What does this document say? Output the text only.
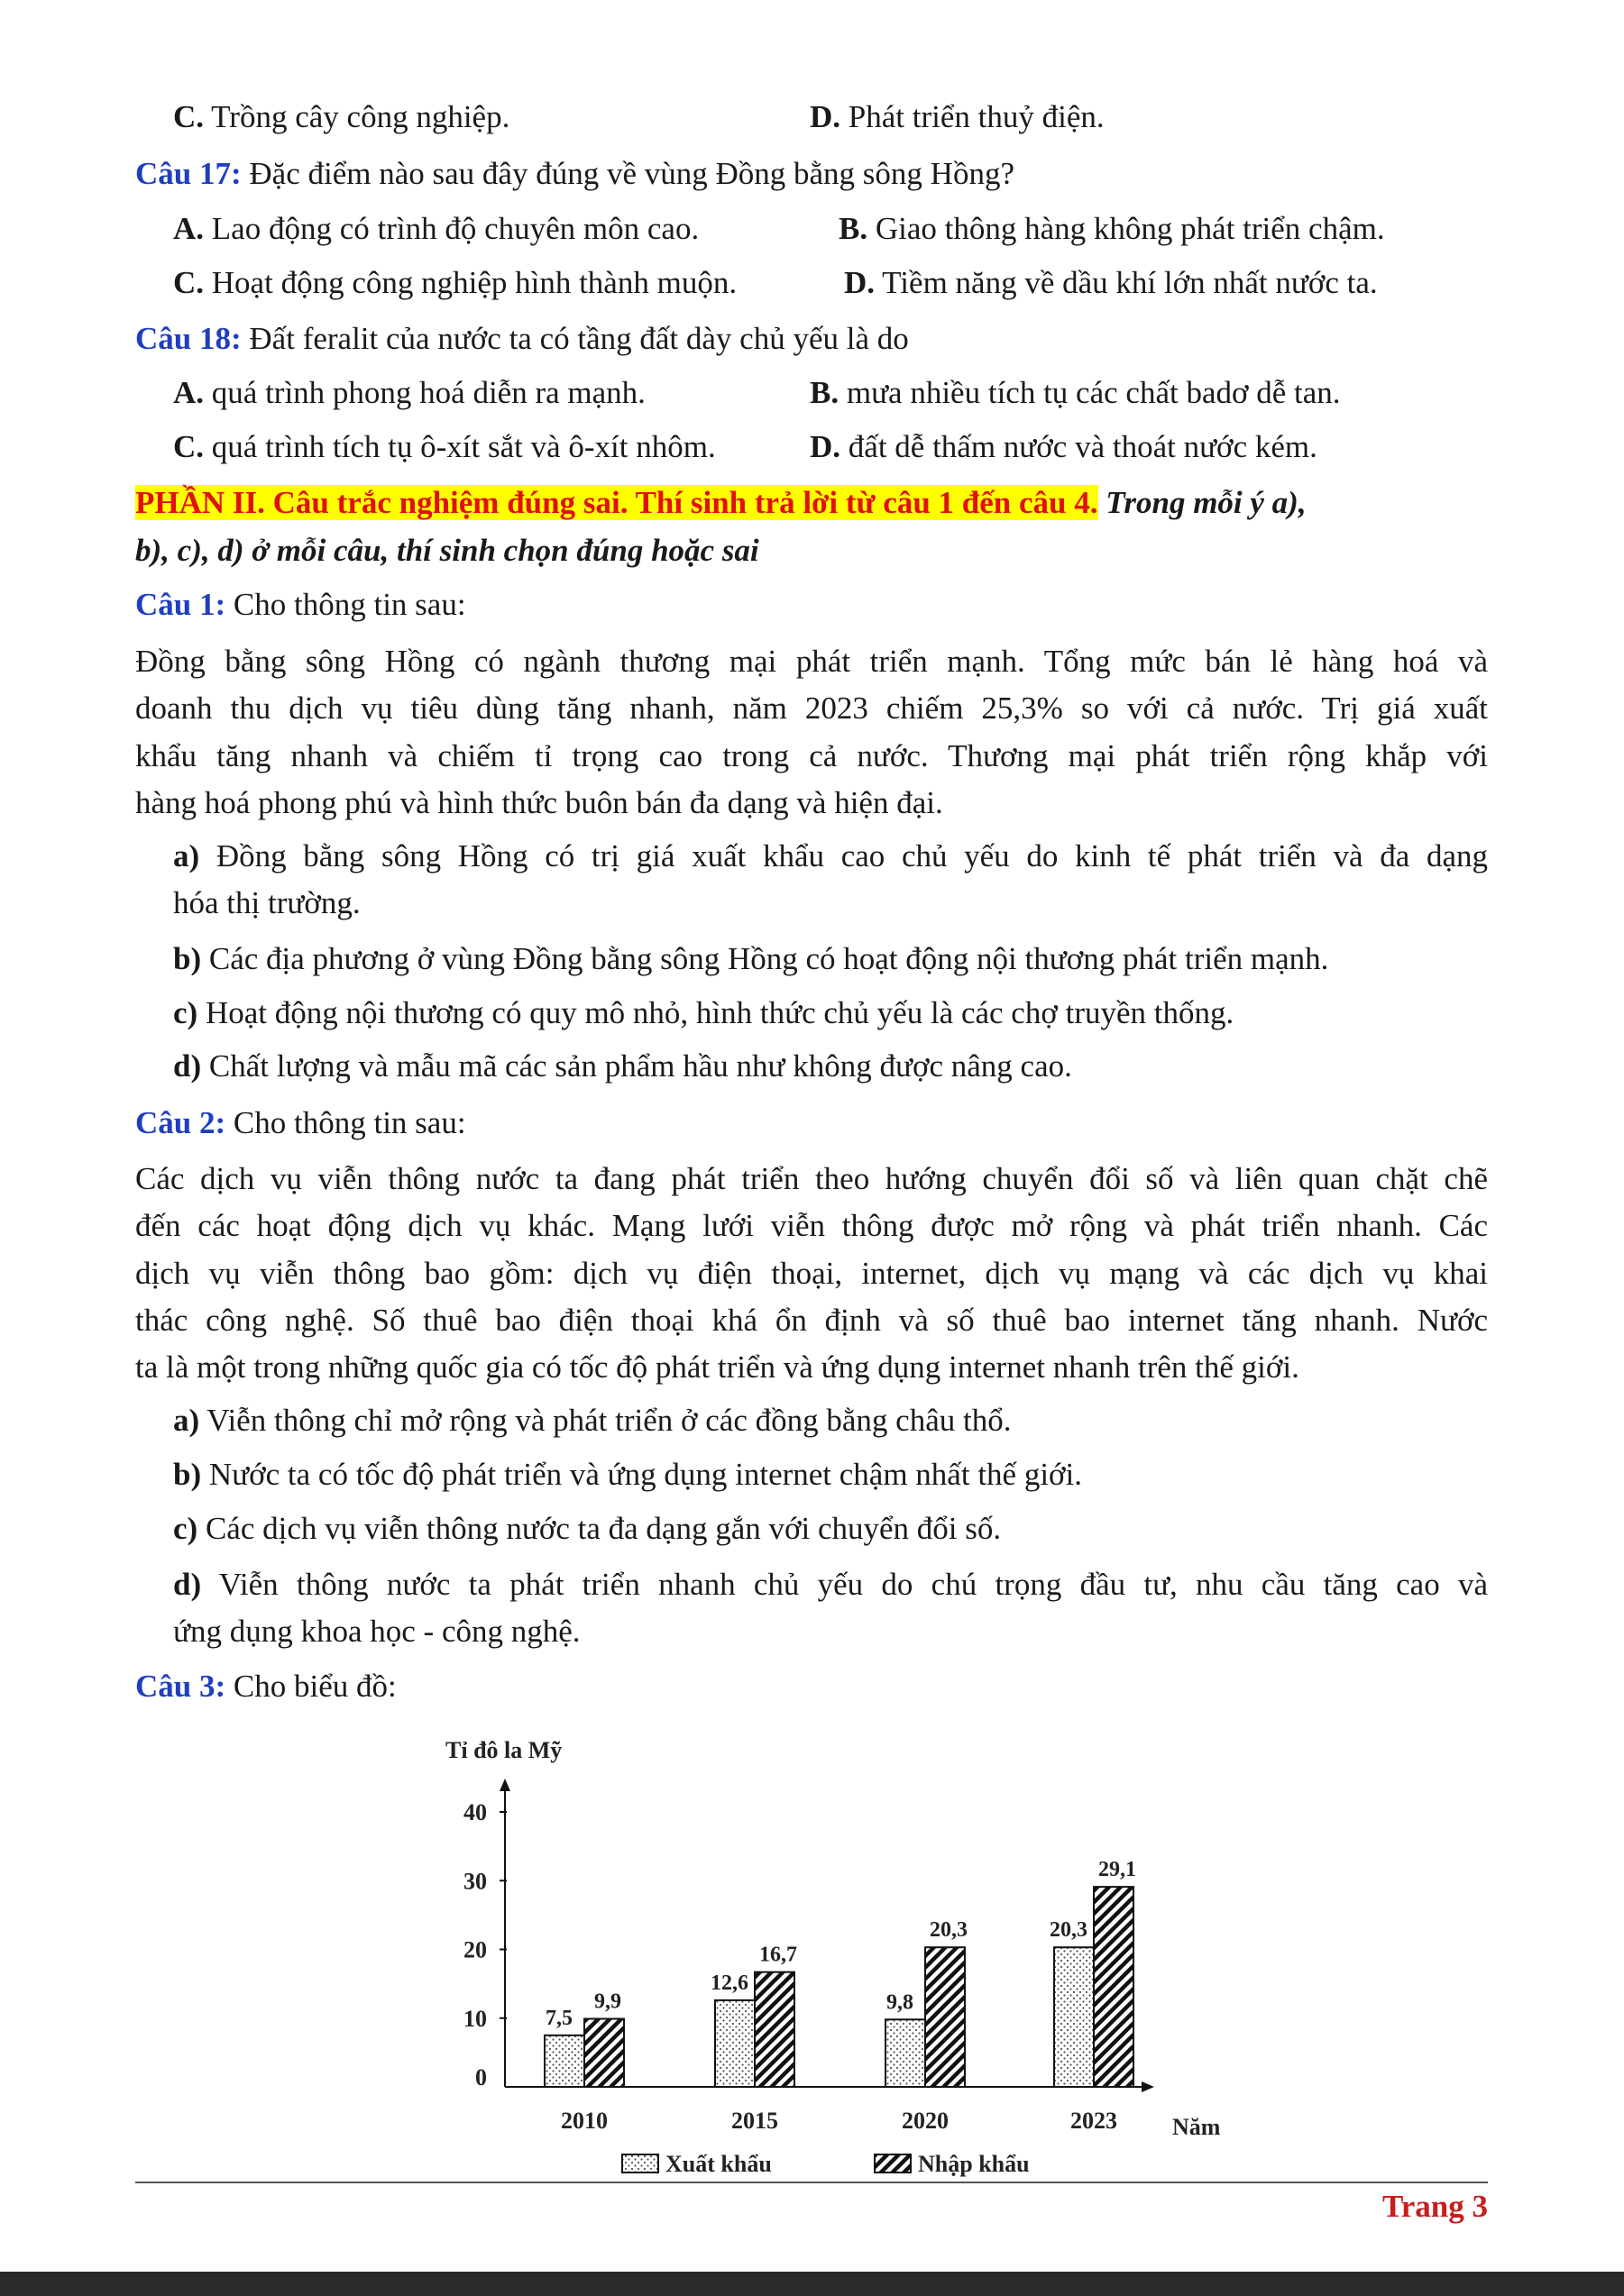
C. Trồng cây công nghiệp.	D. Phát triển thuỷ điện.
Câu 17: Đặc điểm nào sau đây đúng về vùng Đồng bằng sông Hồng?
A. Lao động có trình độ chuyên môn cao.	B. Giao thông hàng không phát triển chậm.
C. Hoạt động công nghiệp hình thành muộn.	D. Tiềm năng về dầu khí lớn nhất nước ta.
Câu 18: Đất feralit của nước ta có tầng đất dày chủ yếu là do
A. quá trình phong hoá diễn ra mạnh.	B. mưa nhiều tích tụ các chất badơ dễ tan.
C. quá trình tích tụ ô-xít sắt và ô-xít nhôm.	D. đất dễ thấm nước và thoát nước kém.
PHẦN II. Câu trắc nghiệm đúng sai. Thí sinh trả lời từ câu 1 đến câu 4. Trong mỗi ý a),
b), c), d) ở mỗi câu, thí sinh chọn đúng hoặc sai
Câu 1: Cho thông tin sau:
Đồng bằng sông Hồng có ngành thương mại phát triển mạnh. Tổng mức bán lẻ hàng hoá và
doanh thu dịch vụ tiêu dùng tăng nhanh, năm 2023 chiếm 25,3% so với cả nước. Trị giá xuất
khẩu tăng nhanh và chiếm tỉ trọng cao trong cả nước. Thương mại phát triển rộng khắp với
hàng hoá phong phú và hình thức buôn bán đa dạng và hiện đại.
a) Đồng bằng sông Hồng có trị giá xuất khẩu cao chủ yếu do kinh tế phát triển và đa dạng
hóa thị trường.
b) Các địa phương ở vùng Đồng bằng sông Hồng có hoạt động nội thương phát triển mạnh.
c) Hoạt động nội thương có quy mô nhỏ, hình thức chủ yếu là các chợ truyền thống.
d) Chất lượng và mẫu mã các sản phẩm hầu như không được nâng cao.
Câu 2: Cho thông tin sau:
Các dịch vụ viễn thông nước ta đang phát triển theo hướng chuyển đổi số và liên quan chặt chẽ
đến các hoạt động dịch vụ khác. Mạng lưới viễn thông được mở rộng và phát triển nhanh. Các
dịch vụ viễn thông bao gồm: dịch vụ điện thoại, internet, dịch vụ mạng và các dịch vụ khai
thác công nghệ. Số thuê bao điện thoại khá ổn định và số thuê bao internet tăng nhanh. Nước
ta là một trong những quốc gia có tốc độ phát triển và ứng dụng internet nhanh trên thế giới.
a) Viễn thông chỉ mở rộng và phát triển ở các đồng bằng châu thổ.
b) Nước ta có tốc độ phát triển và ứng dụng internet chậm nhất thế giới.
c) Các dịch vụ viễn thông nước ta đa dạng gắn với chuyển đổi số.
d) Viễn thông nước ta phát triển nhanh chủ yếu do chú trọng đầu tư, nhu cầu tăng cao và
ứng dụng khoa học - công nghệ.
Câu 3: Cho biểu đồ:
Tỉ đô la Mỹ
Năm
0
10
20
30
40
7,5
9,9
2010
12,6
16,7
2015
9,8
20,3
2020
20,3
29,1
2023
Xuất khẩu	Nhập khẩu
Trang 3
